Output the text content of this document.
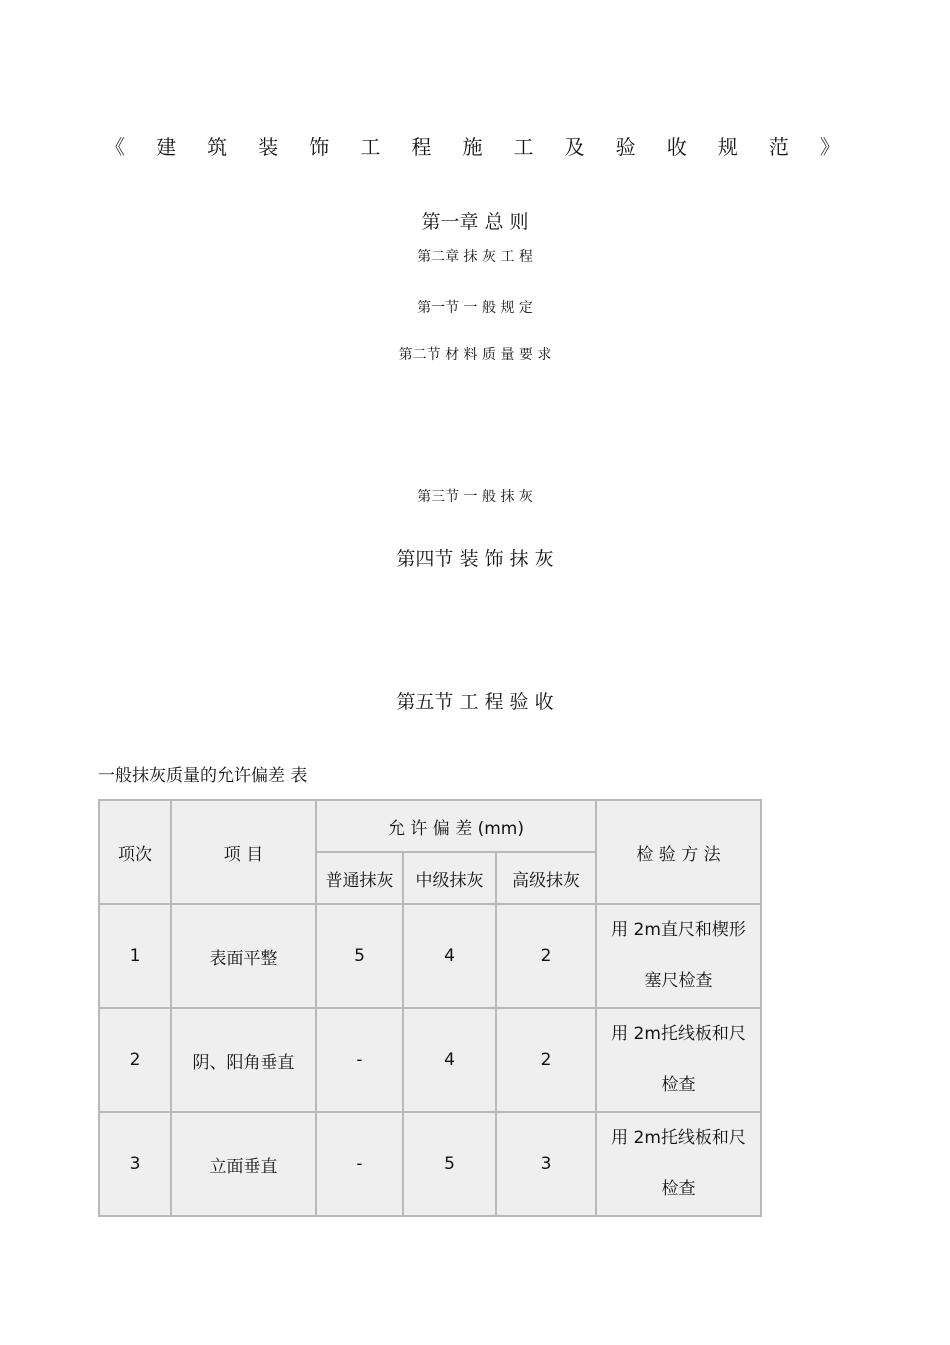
《 建 筑 装 饰 工 程 施 工 及 验 收 规 范 》
第一章 总 则
第二章 抹 灰 工 程
第一节 一 般 规 定
第二节 材 料 质 量 要 求
第三节 一 般 抹 灰
第四节 装 饰 抹 灰
第五节 工 程 验 收
一般抹灰质量的允许偏差 表
项次	项 目	允 许 偏 差 (mm)			检 验 方 法
		普通抹灰	中级抹灰	高级抹灰	
1	表面平整	5	4	2	用 2m直尺和楔形
塞尺检查
2	阴、阳角垂直	-	4	2	用 2m托线板和尺
检查
3	立面垂直	-	5	3	用 2m托线板和尺
检查
